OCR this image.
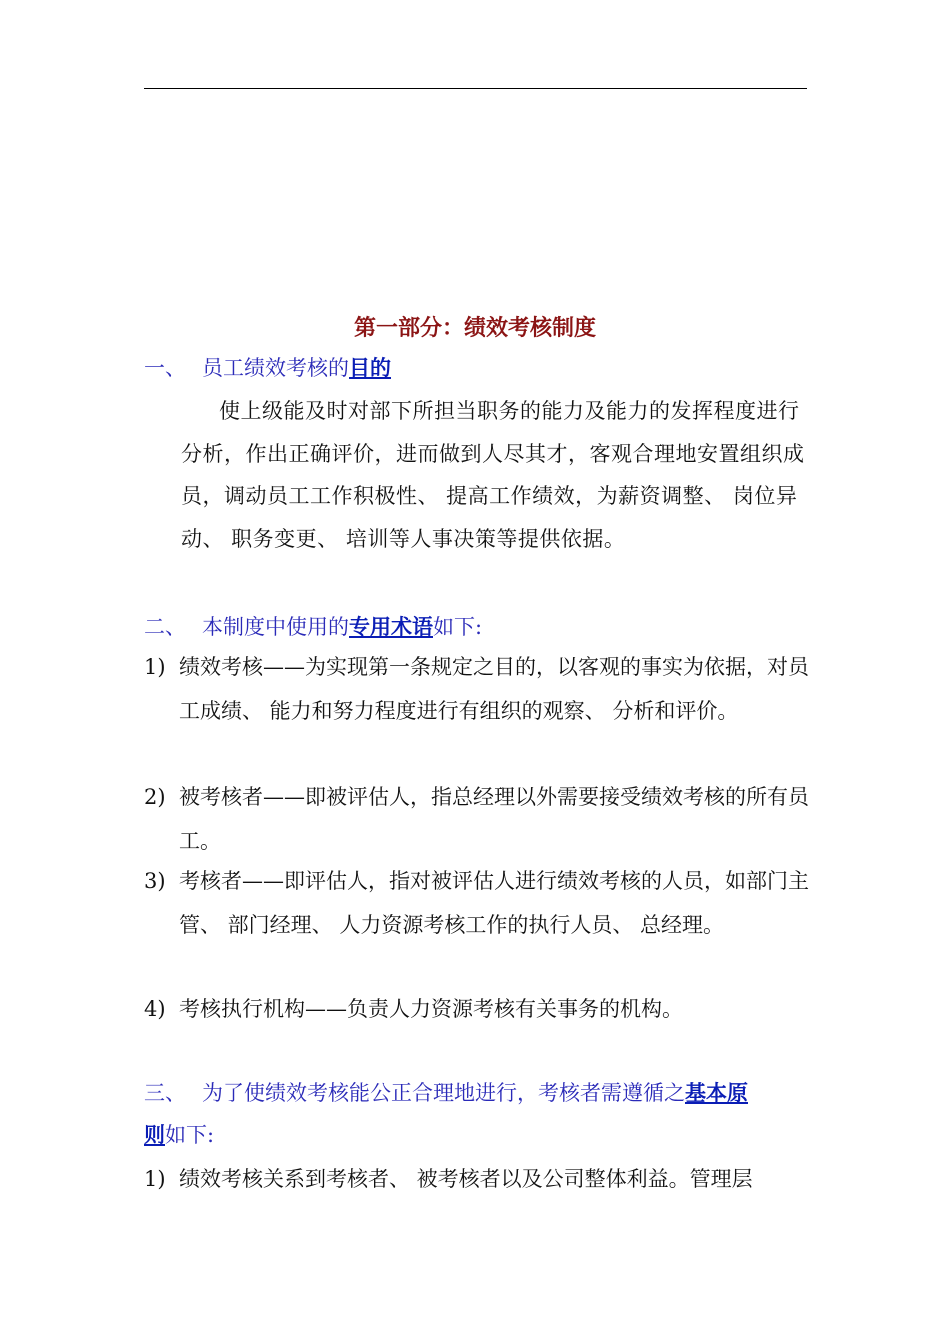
第一部分：绩效考核制度
一、 员工绩效考核的目的
使上级能及时对部下所担当职务的能力及能力的发挥程度进行分析，作出正确评价，进而做到人尽其才，客观合理地安置组织成员，调动员工工作积极性、 提高工作绩效，为薪资调整、 岗位异动、 职务变更、 培训等人事决策等提供依据。
二、 本制度中使用的专用术语如下:
1) 绩效考核——为实现第一条规定之目的，以客观的事实为依据，对员工成绩、 能力和努力程度进行有组织的观察、 分析和评价。
2) 被考核者——即被评估人，指总经理以外需要接受绩效考核的所有员工。
3) 考核者——即评估人，指对被评估人进行绩效考核的人员，如部门主管、 部门经理、 人力资源考核工作的执行人员、 总经理。
4) 考核执行机构——负责人力资源考核有关事务的机构。
三、 为了使绩效考核能公正合理地进行，考核者需遵循之基本原
则如下:
1) 绩效考核关系到考核者、 被考核者以及公司整体利益。管理层
